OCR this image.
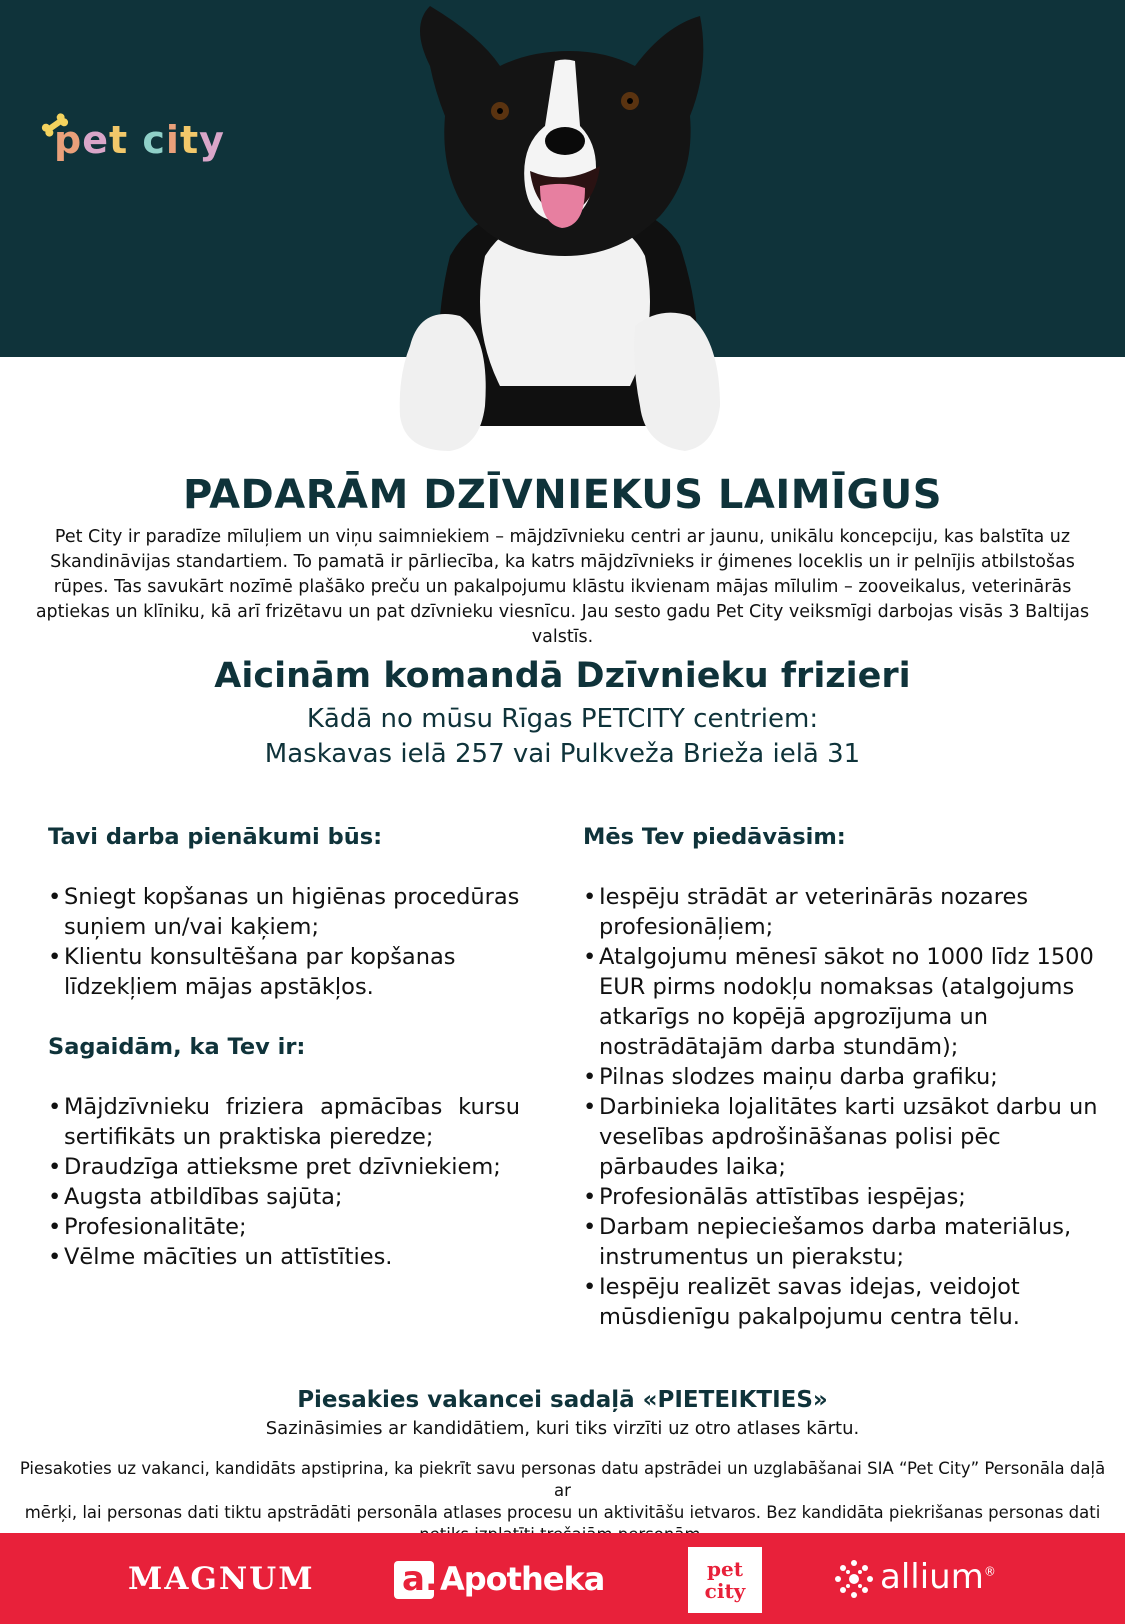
pet city
PADARĀM DZĪVNIEKUS LAIMĪGUS
Pet City ir paradīze mīluļiem un viņu saimniekiem – mājdzīvnieku centri ar jaunu, unikālu koncepciju, kas balstīta uz
Skandināvijas standartiem. To pamatā ir pārliecība, ka katrs mājdzīvnieks ir ģimenes loceklis un ir pelnījis atbilstošas
rūpes. Tas savukārt nozīmē plašāko preču un pakalpojumu klāstu ikvienam mājas mīlulim – zooveikalus, veterinārās
aptiekas un klīniku, kā arī frizētavu un pat dzīvnieku viesnīcu. Jau sesto gadu Pet City veiksmīgi darbojas visās 3 Baltijas
valstīs.
Aicinām komandā Dzīvnieku frizieri
Kādā no mūsu Rīgas PETCITY centriem:
Maskavas ielā 257 vai Pulkveža Brieža ielā 31
Tavi darba pienākumi būs:
• Sniegt kopšanas un higiēnas procedūras suņiem un/vai kaķiem;
• Klientu konsultēšana par kopšanas līdzekļiem mājas apstākļos.
Sagaidām, ka Tev ir:
• Mājdzīvnieku friziera apmācības kursu sertifikāts un praktiska pieredze;
• Draudzīga attieksme pret dzīvniekiem;
• Augsta atbildības sajūta;
• Profesionalitāte;
• Vēlme mācīties un attīstīties.
Mēs Tev piedāvāsim:
• Iespēju strādāt ar veterinārās nozares profesionāļiem;
• Atalgojumu mēnesī sākot no 1000 līdz 1500 EUR pirms nodokļu nomaksas (atalgojums atkarīgs no kopējā apgrozījuma un nostrādātajām darba stundām);
• Pilnas slodzes maiņu darba grafiku;
• Darbinieka lojalitātes karti uzsākot darbu un veselības apdrošināšanas polisi pēc pārbaudes laika;
• Profesionālās attīstības iespējas;
• Darbam nepieciešamos darba materiālus, instrumentus un pierakstu;
• Iespēju realizēt savas idejas, veidojot mūsdienīgu pakalpojumu centra tēlu.
Piesakies vakancei sadaļā «PIETEIKTIES»
Sazināsimies ar kandidātiem, kuri tiks virzīti uz otro atlases kārtu.
Piesakoties uz vakanci, kandidāts apstiprina, ka piekrīt savu personas datu apstrādei un uzglabāšanai SIA “Pet City” Personāla daļā ar
mērķi, lai personas dati tiktu apstrādāti personāla atlases procesu un aktivitāšu ietvaros. Bez kandidāta piekrišanas personas dati
MAGNUM	a. Apotheka	pet
city	allium®
